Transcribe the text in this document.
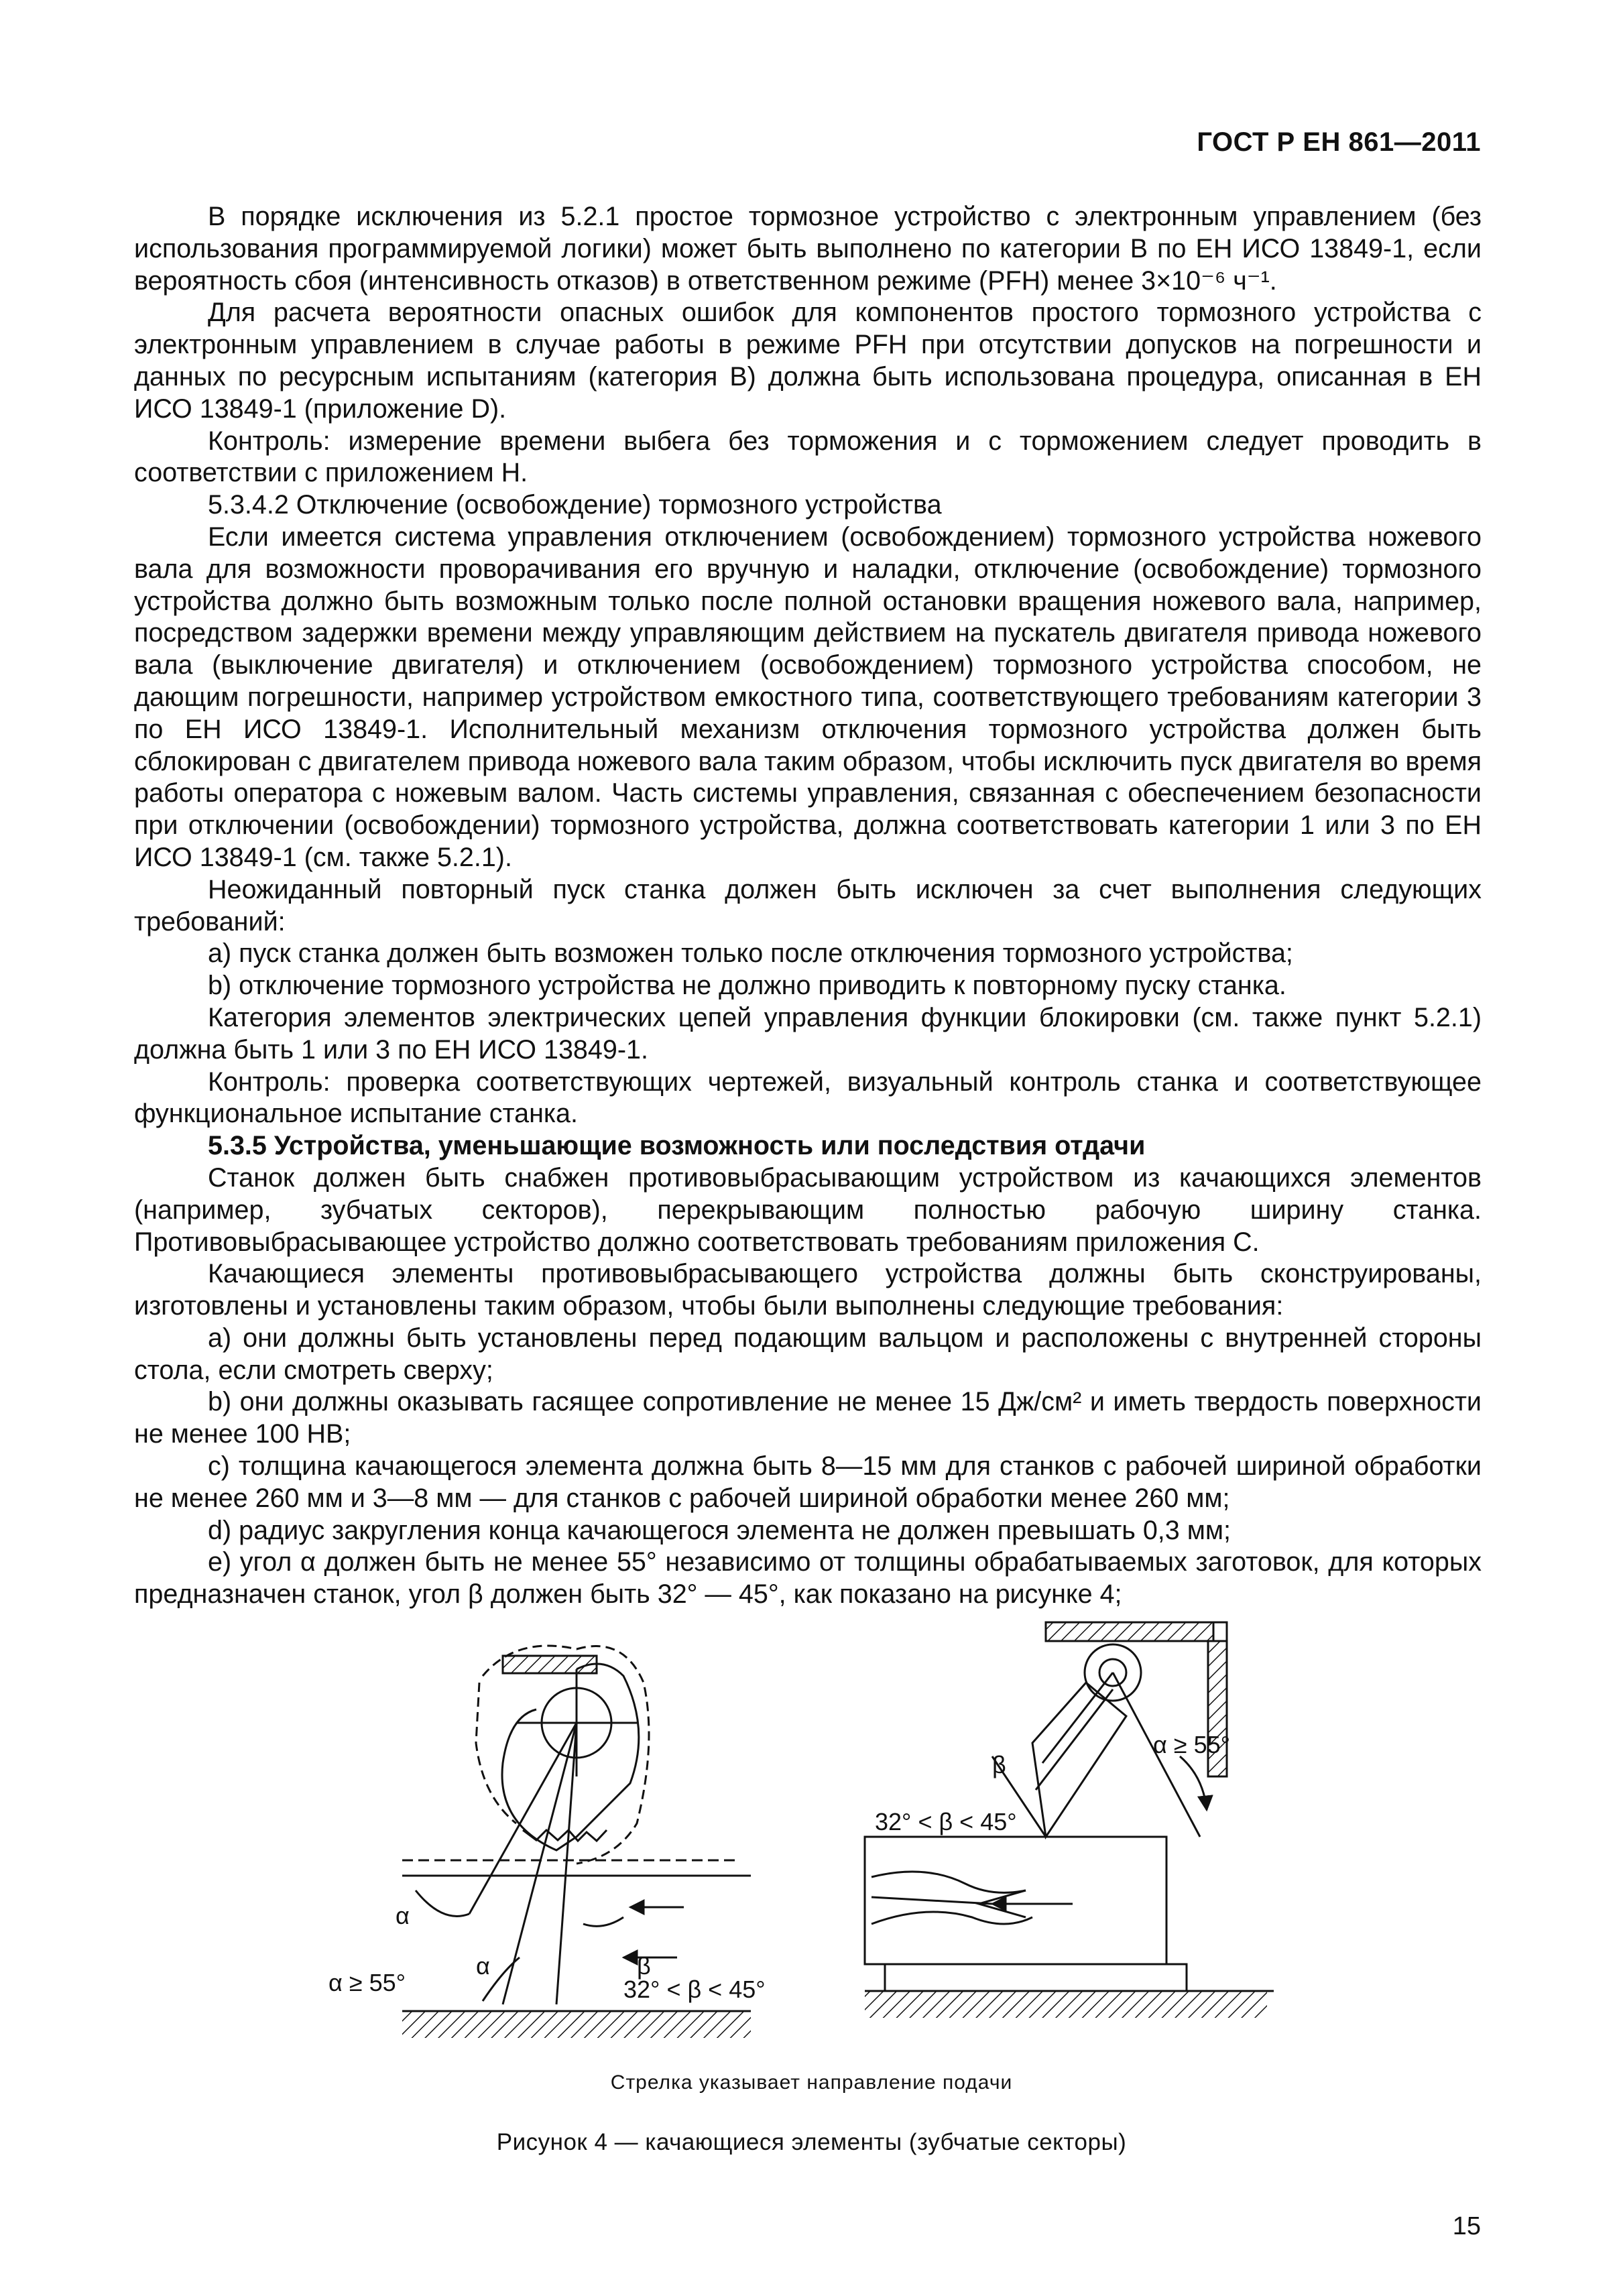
ГОСТ Р ЕН 861—2011

В порядке исключения из 5.2.1 простое тормозное устройство с электронным управлением (без использования программируемой логики) может быть выполнено по категории В по ЕН ИСО 13849-1, если вероятность сбоя (интенсивность отказов) в ответственном режиме (PFH) менее 3×10⁻⁶ ч⁻¹.

Для расчета вероятности опасных ошибок для компонентов простого тормозного устройства с электронным управлением в случае работы в режиме PFH при отсутствии допусков на погрешности и данных по ресурсным испытаниям (категория В) должна быть использована процедура, описанная в ЕН ИСО 13849-1 (приложение D).

Контроль: измерение времени выбега без торможения и с торможением следует проводить в соответствии с приложением H.

5.3.4.2 Отключение (освобождение) тормозного устройства

Если имеется система управления отключением (освобождением) тормозного устройства ножевого вала для возможности проворачивания его вручную и наладки, отключение (освобождение) тормозного устройства должно быть возможным только после полной остановки вращения ножевого вала, например, посредством задержки времени между управляющим действием на пускатель двигателя привода ножевого вала (выключение двигателя) и отключением (освобождением) тормозного устройства способом, не дающим погрешности, например устройством емкостного типа, соответствующего требованиям категории 3 по ЕН ИСО 13849-1. Исполнительный механизм отключения тормозного устройства должен быть сблокирован с двигателем привода ножевого вала таким образом, чтобы исключить пуск двигателя во время работы оператора с ножевым валом. Часть системы управления, связанная с обеспечением безопасности при отключении (освобождении) тормозного устройства, должна соответствовать категории 1 или 3 по ЕН ИСО 13849-1 (см. также 5.2.1).

Неожиданный повторный пуск станка должен быть исключен за счет выполнения следующих требований:

a) пуск станка должен быть возможен только после отключения тормозного устройства;

b) отключение тормозного устройства не должно приводить к повторному пуску станка.

Категория элементов электрических цепей управления функции блокировки (см. также пункт 5.2.1) должна быть 1 или 3 по ЕН ИСО 13849-1.

Контроль: проверка соответствующих чертежей, визуальный контроль станка и соответствующее функциональное испытание станка.

5.3.5 Устройства, уменьшающие возможность или последствия отдачи

Станок должен быть снабжен противовыбрасывающим устройством из качающихся элементов (например, зубчатых секторов), перекрывающим полностью рабочую ширину станка. Противовыбрасывающее устройство должно соответствовать требованиям приложения С.

Качающиеся элементы противовыбрасывающего устройства должны быть сконструированы, изготовлены и установлены таким образом, чтобы были выполнены следующие требования:

a) они должны быть установлены перед подающим вальцом и расположены с внутренней стороны стола, если смотреть сверху;

b) они должны оказывать гасящее сопротивление не менее 15 Дж/см² и иметь твердость поверхности не менее 100 HB;

c) толщина качающегося элемента должна быть 8—15 мм для станков с рабочей шириной обработки не менее 260 мм и 3—8 мм — для станков с рабочей шириной обработки менее 260 мм;

d) радиус закругления конца качающегося элемента не должен превышать 0,3 мм;

e) угол α должен быть не менее 55° независимо от толщины обрабатываемых заготовок, для которых предназначен станок, угол β должен быть 32° — 45°, как показано на рисунке 4;

α
α ≥ 55°
α	β
32° < β < 45°
β
32° < β < 45°
α ≥ 55°
Стрелка указывает направление подачи
Рисунок 4 — качающиеся элементы (зубчатые секторы)
15
